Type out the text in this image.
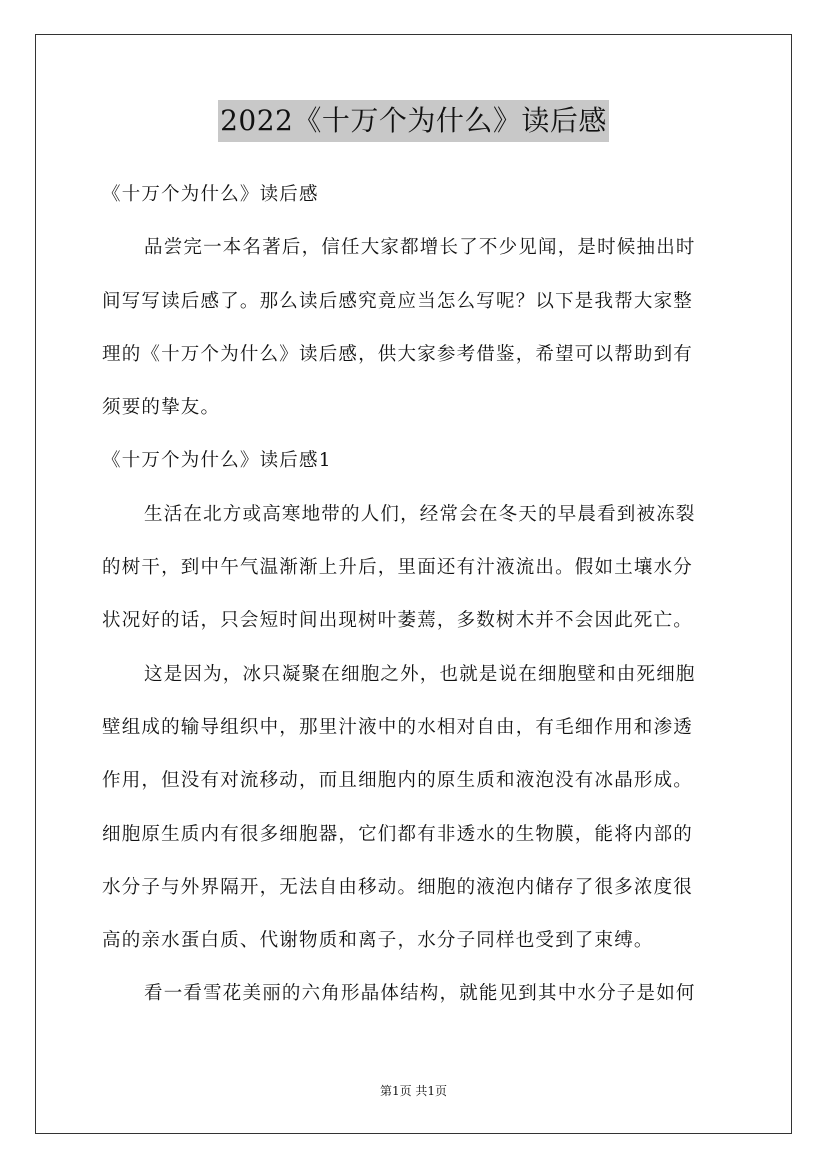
2022《十万个为什么》读后感
《十万个为什么》读后感
品尝完一本名著后，信任大家都增长了不少见闻，是时候抽出时
间写写读后感了。那么读后感究竟应当怎么写呢？以下是我帮大家整
理的《十万个为什么》读后感，供大家参考借鉴，希望可以帮助到有
须要的挚友。
《十万个为什么》读后感1
生活在北方或高寒地带的人们，经常会在冬天的早晨看到被冻裂
的树干，到中午气温渐渐上升后，里面还有汁液流出。假如土壤水分
状况好的话，只会短时间出现树叶萎蔫，多数树木并不会因此死亡。
这是因为，冰只凝聚在细胞之外，也就是说在细胞壁和由死细胞
壁组成的输导组织中，那里汁液中的水相对自由，有毛细作用和渗透
作用，但没有对流移动，而且细胞内的原生质和液泡没有冰晶形成。
细胞原生质内有很多细胞器，它们都有非透水的生物膜，能将内部的
水分子与外界隔开，无法自由移动。细胞的液泡内储存了很多浓度很
高的亲水蛋白质、代谢物质和离子，水分子同样也受到了束缚。
看一看雪花美丽的六角形晶体结构，就能见到其中水分子是如何
第1页 共1页
